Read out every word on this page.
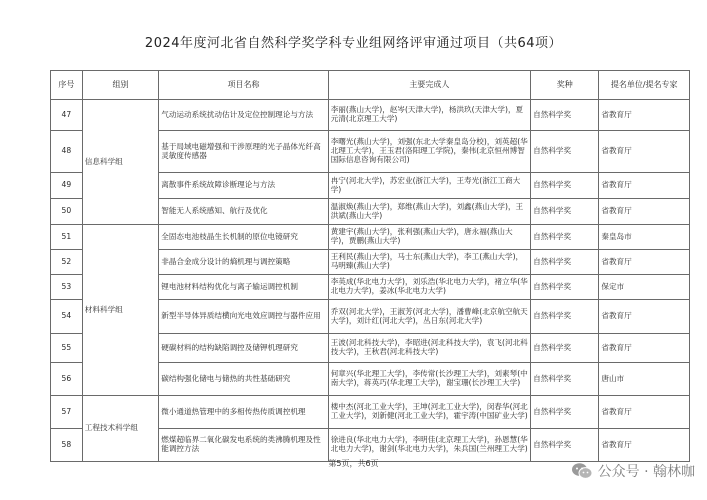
2024年度河北省自然科学奖学科专业组网络评审通过项目（共64项）
序号	组别	项目名称	主要完成人	奖种	提名单位/提名专家
47	信息科学组	气动运动系统扰动估计及定位控制理论与方法	李丽(燕山大学)，赵岑(天津大学)，杨洪玖(天津大学)，夏元清(北京理工大学)	自然科学奖	省教育厅
48		基于局域电磁增强和干涉原理的光子晶体光纤高灵敏度传感器	李曙光(燕山大学)，刘强(东北大学秦皇岛分校)，刘英超(华北理工大学)，王玉君(洛阳理工学院)，秦伟(北京恒州博智国际信息咨询有限公司)	自然科学奖	省教育厅
49		离散事件系统故障诊断理论与方法	冉宁(河北大学)，苏宏业(浙江大学)，王寿光(浙江工商大学)	自然科学奖	省教育厅
50		智能无人系统感知、航行及优化	温淑焕(燕山大学)，郑维(燕山大学)，刘鑫(燕山大学)，王洪斌(燕山大学)	自然科学奖	省教育厅
51	材料科学组	全固态电池枝晶生长机制的原位电镜研究	黄建宇(燕山大学)，张利强(燕山大学)，唐永福(燕山大学)，贾鹏(燕山大学)	自然科学奖	秦皇岛市
52		非晶合金成分设计的熵机理与调控策略	王利民(燕山大学)，马士东(燕山大学)，李工(燕山大学)，马明臻(燕山大学)	自然科学奖	省教育厅
53		锂电池材料结构优化与离子输运调控机制	李英成(华北电力大学)，刘乐浩(华北电力大学)，褚立华(华北电力大学)，姜冰(华北电力大学)	自然科学奖	保定市
54		新型半导体异质结横向光电效应调控与器件应用	乔双(河北大学)，王淑芳(河北大学)，潘曹峰(北京航空航天大学)，刘计红(河北大学)，丛日东(河北大学)	自然科学奖	省教育厅
55		硬碳材料的结构缺陷调控及储钾机理研究	王波(河北科技大学)，李昭进(河北科技大学)，袁飞(河北科技大学)，王秋君(河北科技大学)	自然科学奖	省教育厅
56		碳结构强化储电与储热的共性基础研究	何章兴(华北理工大学)，李传常(长沙理工大学)，刘素琴(中南大学)，蒋英巧(华北理工大学)，谢宝珊(长沙理工大学)	自然科学奖	唐山市
57	工程技术科学组	微小通道热管理中的多相传热传质调控机理	楼中杰(河北工业大学)，王坤(河北工业大学)，闵春华(河北工业大学)，刘新健(河北工业大学)，霍宇涛(中国矿业大学)	自然科学奖	省教育厅
58		燃煤超临界二氧化碳发电系统的类沸腾机理及性能调控方法	徐进良(华北电力大学)，李明佳(北京理工大学)，孙恩慧(华北电力大学)，谢剑(华北电力大学)，朱兵国(兰州理工大学)	自然科学奖	省教育厅
第5页，共6页
公众号 · 翰林咖
